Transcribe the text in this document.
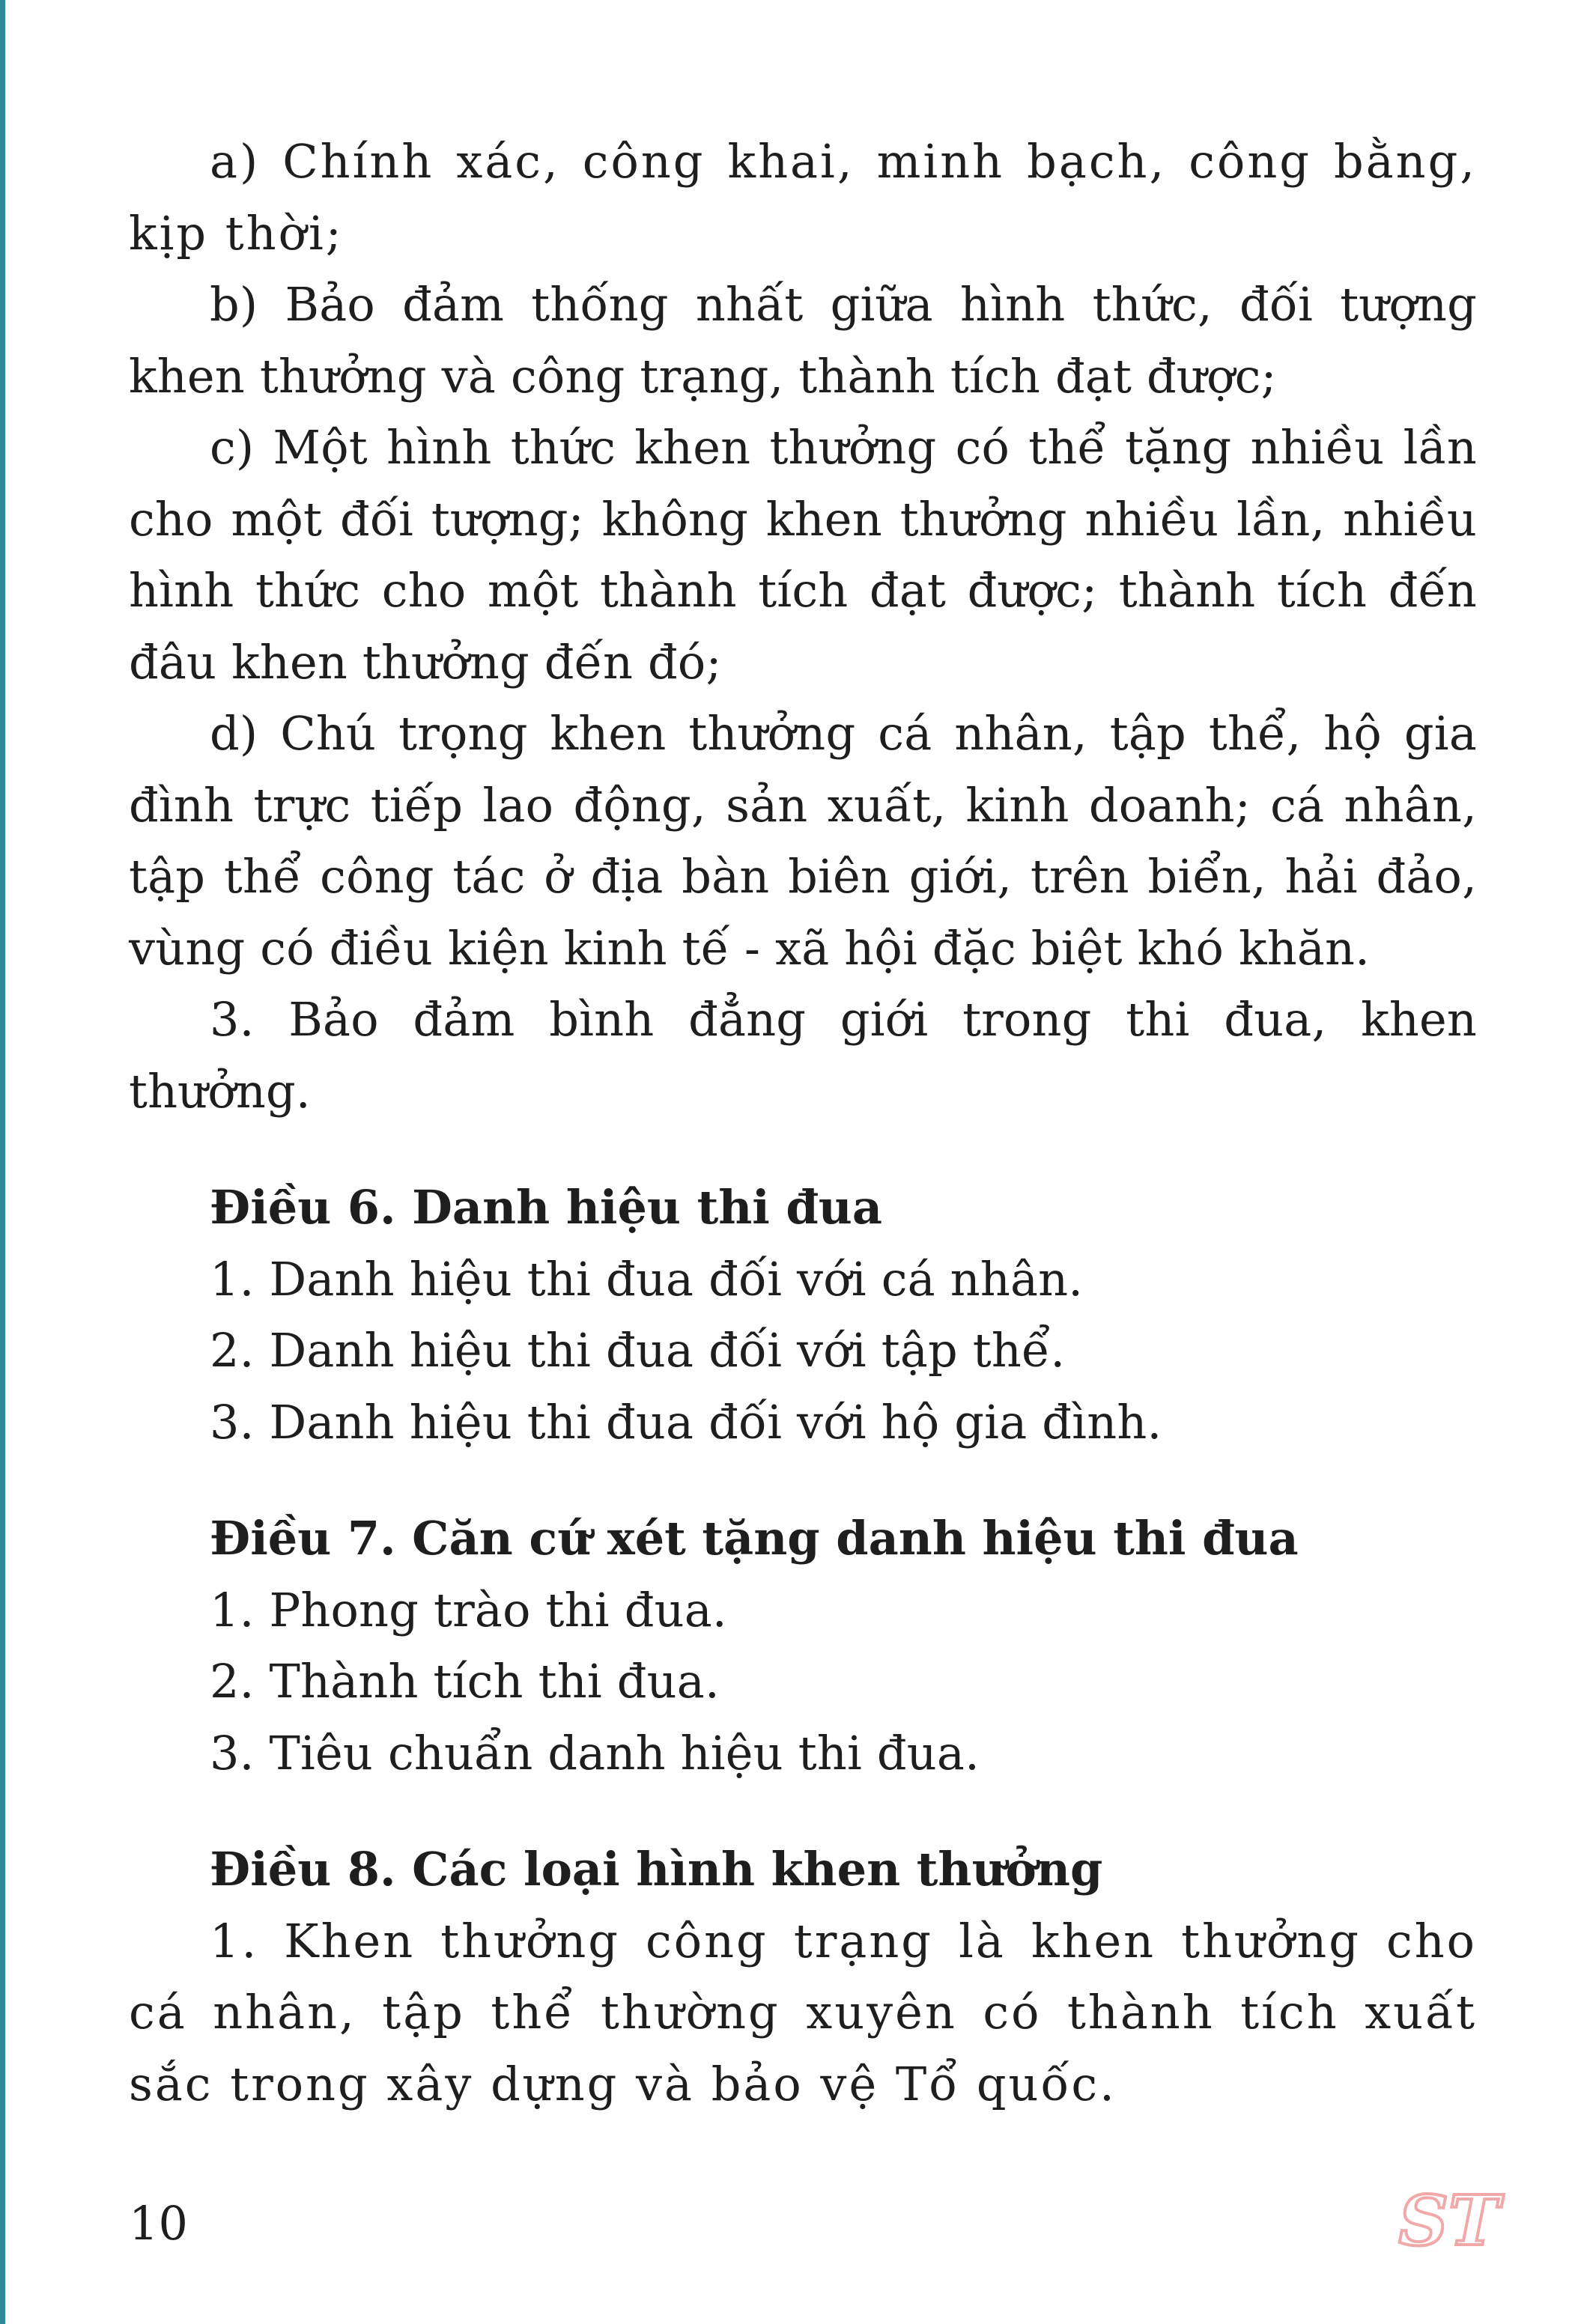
a) Chính xác, công khai, minh bạch, công bằng, kịp thời;

b) Bảo đảm thống nhất giữa hình thức, đối tượng khen thưởng và công trạng, thành tích đạt được;

c) Một hình thức khen thưởng có thể tặng nhiều lần cho một đối tượng; không khen thưởng nhiều lần, nhiều hình thức cho một thành tích đạt được; thành tích đến đâu khen thưởng đến đó;

d) Chú trọng khen thưởng cá nhân, tập thể, hộ gia đình trực tiếp lao động, sản xuất, kinh doanh; cá nhân, tập thể công tác ở địa bàn biên giới, trên biển, hải đảo, vùng có điều kiện kinh tế - xã hội đặc biệt khó khăn.

3. Bảo đảm bình đẳng giới trong thi đua, khen thưởng.

Điều 6. Danh hiệu thi đua

1. Danh hiệu thi đua đối với cá nhân.

2. Danh hiệu thi đua đối với tập thể.

3. Danh hiệu thi đua đối với hộ gia đình.

Điều 7. Căn cứ xét tặng danh hiệu thi đua

1. Phong trào thi đua.

2. Thành tích thi đua.

3. Tiêu chuẩn danh hiệu thi đua.

Điều 8. Các loại hình khen thưởng

1. Khen thưởng công trạng là khen thưởng cho cá nhân, tập thể thường xuyên có thành tích xuất sắc trong xây dựng và bảo vệ Tổ quốc.

10	ST
